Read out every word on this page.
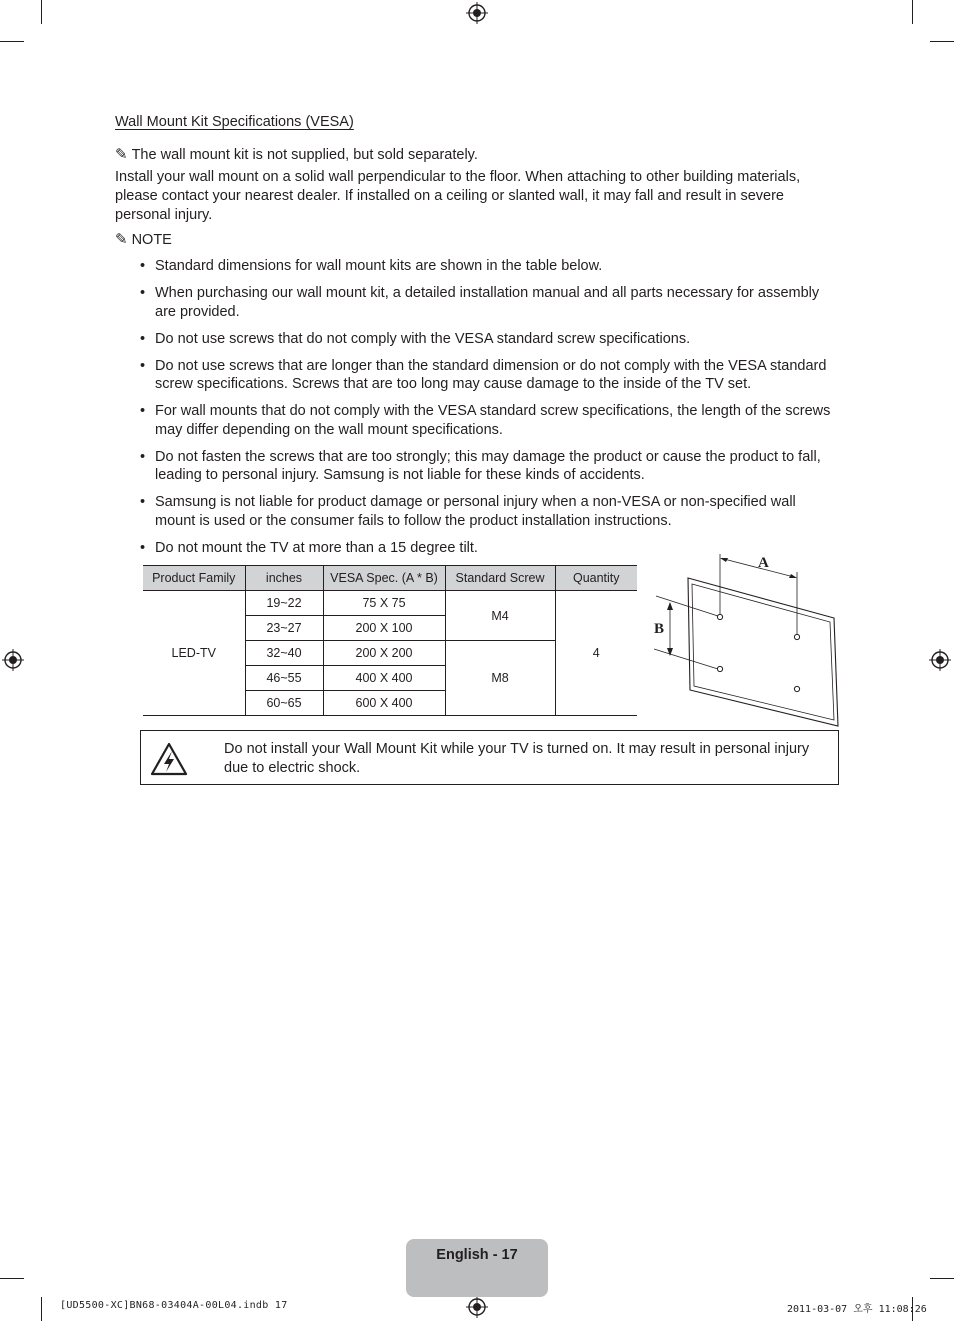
Wall Mount Kit Specifications (VESA)
✎ The wall mount kit is not supplied, but sold separately.
Install your wall mount on a solid wall perpendicular to the floor. When attaching to other building materials, please contact your nearest dealer. If installed on a ceiling or slanted wall, it may fall and result in severe personal injury.
✎ NOTE
• Standard dimensions for wall mount kits are shown in the table below.
• When purchasing our wall mount kit, a detailed installation manual and all parts necessary for assembly are provided.
• Do not use screws that do not comply with the VESA standard screw specifications.
• Do not use screws that are longer than the standard dimension or do not comply with the VESA standard screw specifications. Screws that are too long may cause damage to the inside of the TV set.
• For wall mounts that do not comply with the VESA standard screw specifications, the length of the screws may differ depending on the wall mount specifications.
• Do not fasten the screws that are too strongly; this may damage the product or cause the product to fall, leading to personal injury. Samsung is not liable for these kinds of accidents.
• Samsung is not liable for product damage or personal injury when a non-VESA or non-specified wall mount is used or the consumer fails to follow the product installation instructions.
• Do not mount the TV at more than a 15 degree tilt.
Product Family	inches	VESA Spec. (A * B)	Standard Screw	Quantity
LED-TV	19~22	75 X 75	M4	4
	23~27	200 X 100		
	32~40	200 X 200	M8	
	46~55	400 X 400		
	60~65	600 X 400		
A
B
Do not install your Wall Mount Kit while your TV is turned on. It may result in personal injury due to electric shock.
English - 17
[UD5500-XC]BN68-03404A-00L04.indb 17	2011-03-07 오후 11:08:26
